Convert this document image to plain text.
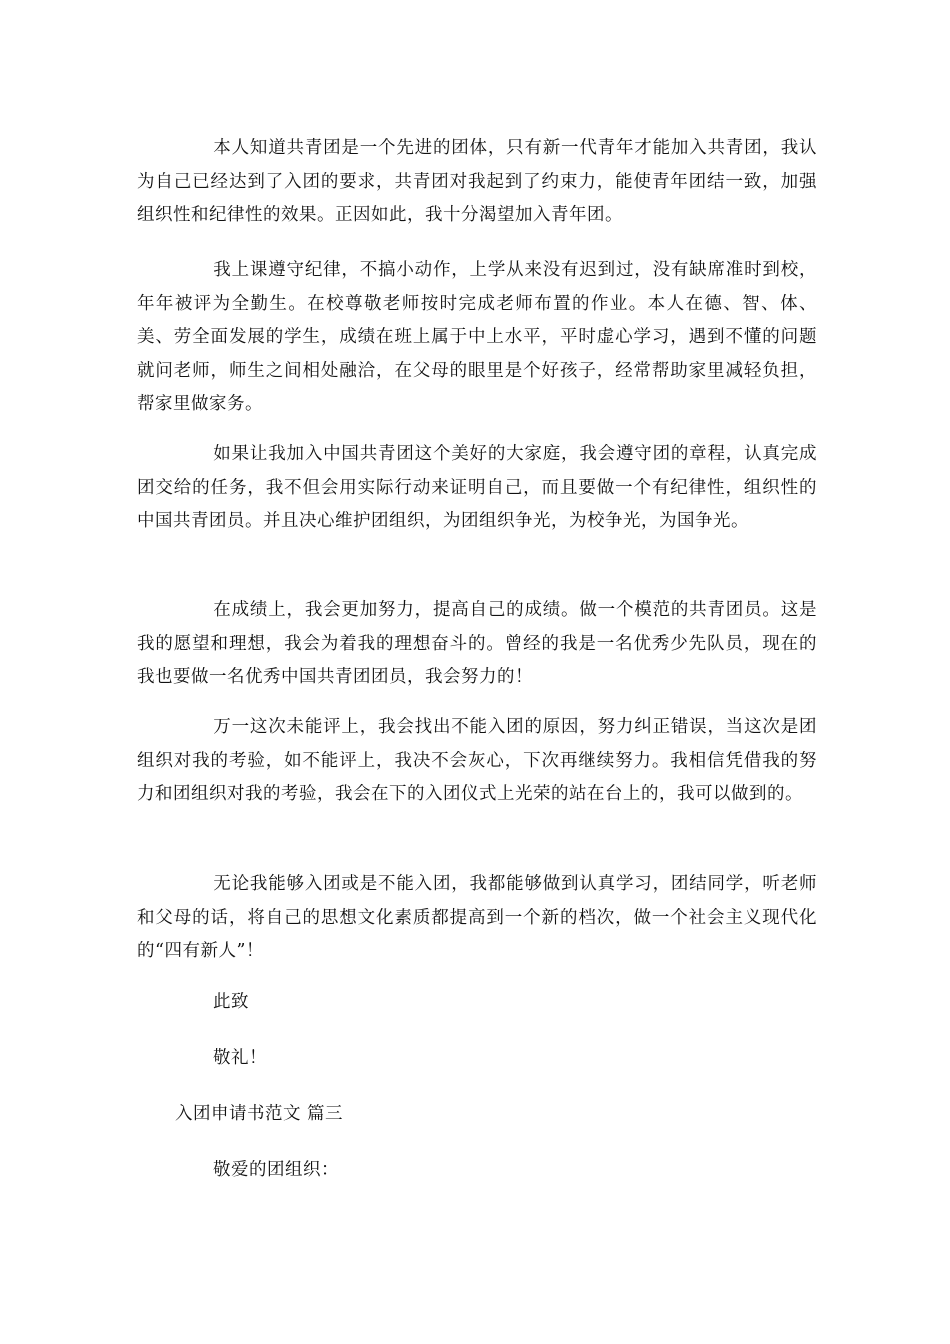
本人知道共青团是一个先进的团体，只有新一代青年才能加入共青团，我认为自己已经达到了入团的要求，共青团对我起到了约束力，能使青年团结一致，加强组织性和纪律性的效果。正因如此，我十分渴望加入青年团。

我上课遵守纪律，不搞小动作，上学从来没有迟到过，没有缺席准时到校，年年被评为全勤生。在校尊敬老师按时完成老师布置的作业。本人在德、智、体、美、劳全面发展的学生，成绩在班上属于中上水平，平时虚心学习，遇到不懂的问题就问老师，师生之间相处融洽，在父母的眼里是个好孩子，经常帮助家里减轻负担，帮家里做家务。

如果让我加入中国共青团这个美好的大家庭，我会遵守团的章程，认真完成团交给的任务，我不但会用实际行动来证明自己，而且要做一个有纪律性，组织性的中国共青团员。并且决心维护团组织，为团组织争光，为校争光，为国争光。

在成绩上，我会更加努力，提高自己的成绩。做一个模范的共青团员。这是我的愿望和理想，我会为着我的理想奋斗的。曾经的我是一名优秀少先队员，现在的我也要做一名优秀中国共青团团员，我会努力的！

万一这次未能评上，我会找出不能入团的原因，努力纠正错误，当这次是团组织对我的考验，如不能评上，我决不会灰心，下次再继续努力。我相信凭借我的努力和团组织对我的考验，我会在下的入团仪式上光荣的站在台上的，我可以做到的。

无论我能够入团或是不能入团，我都能够做到认真学习，团结同学，听老师和父母的话，将自己的思想文化素质都提高到一个新的档次，做一个社会主义现代化的“四有新人”！

此致

敬礼！

入团申请书范文 篇三

敬爱的团组织：
